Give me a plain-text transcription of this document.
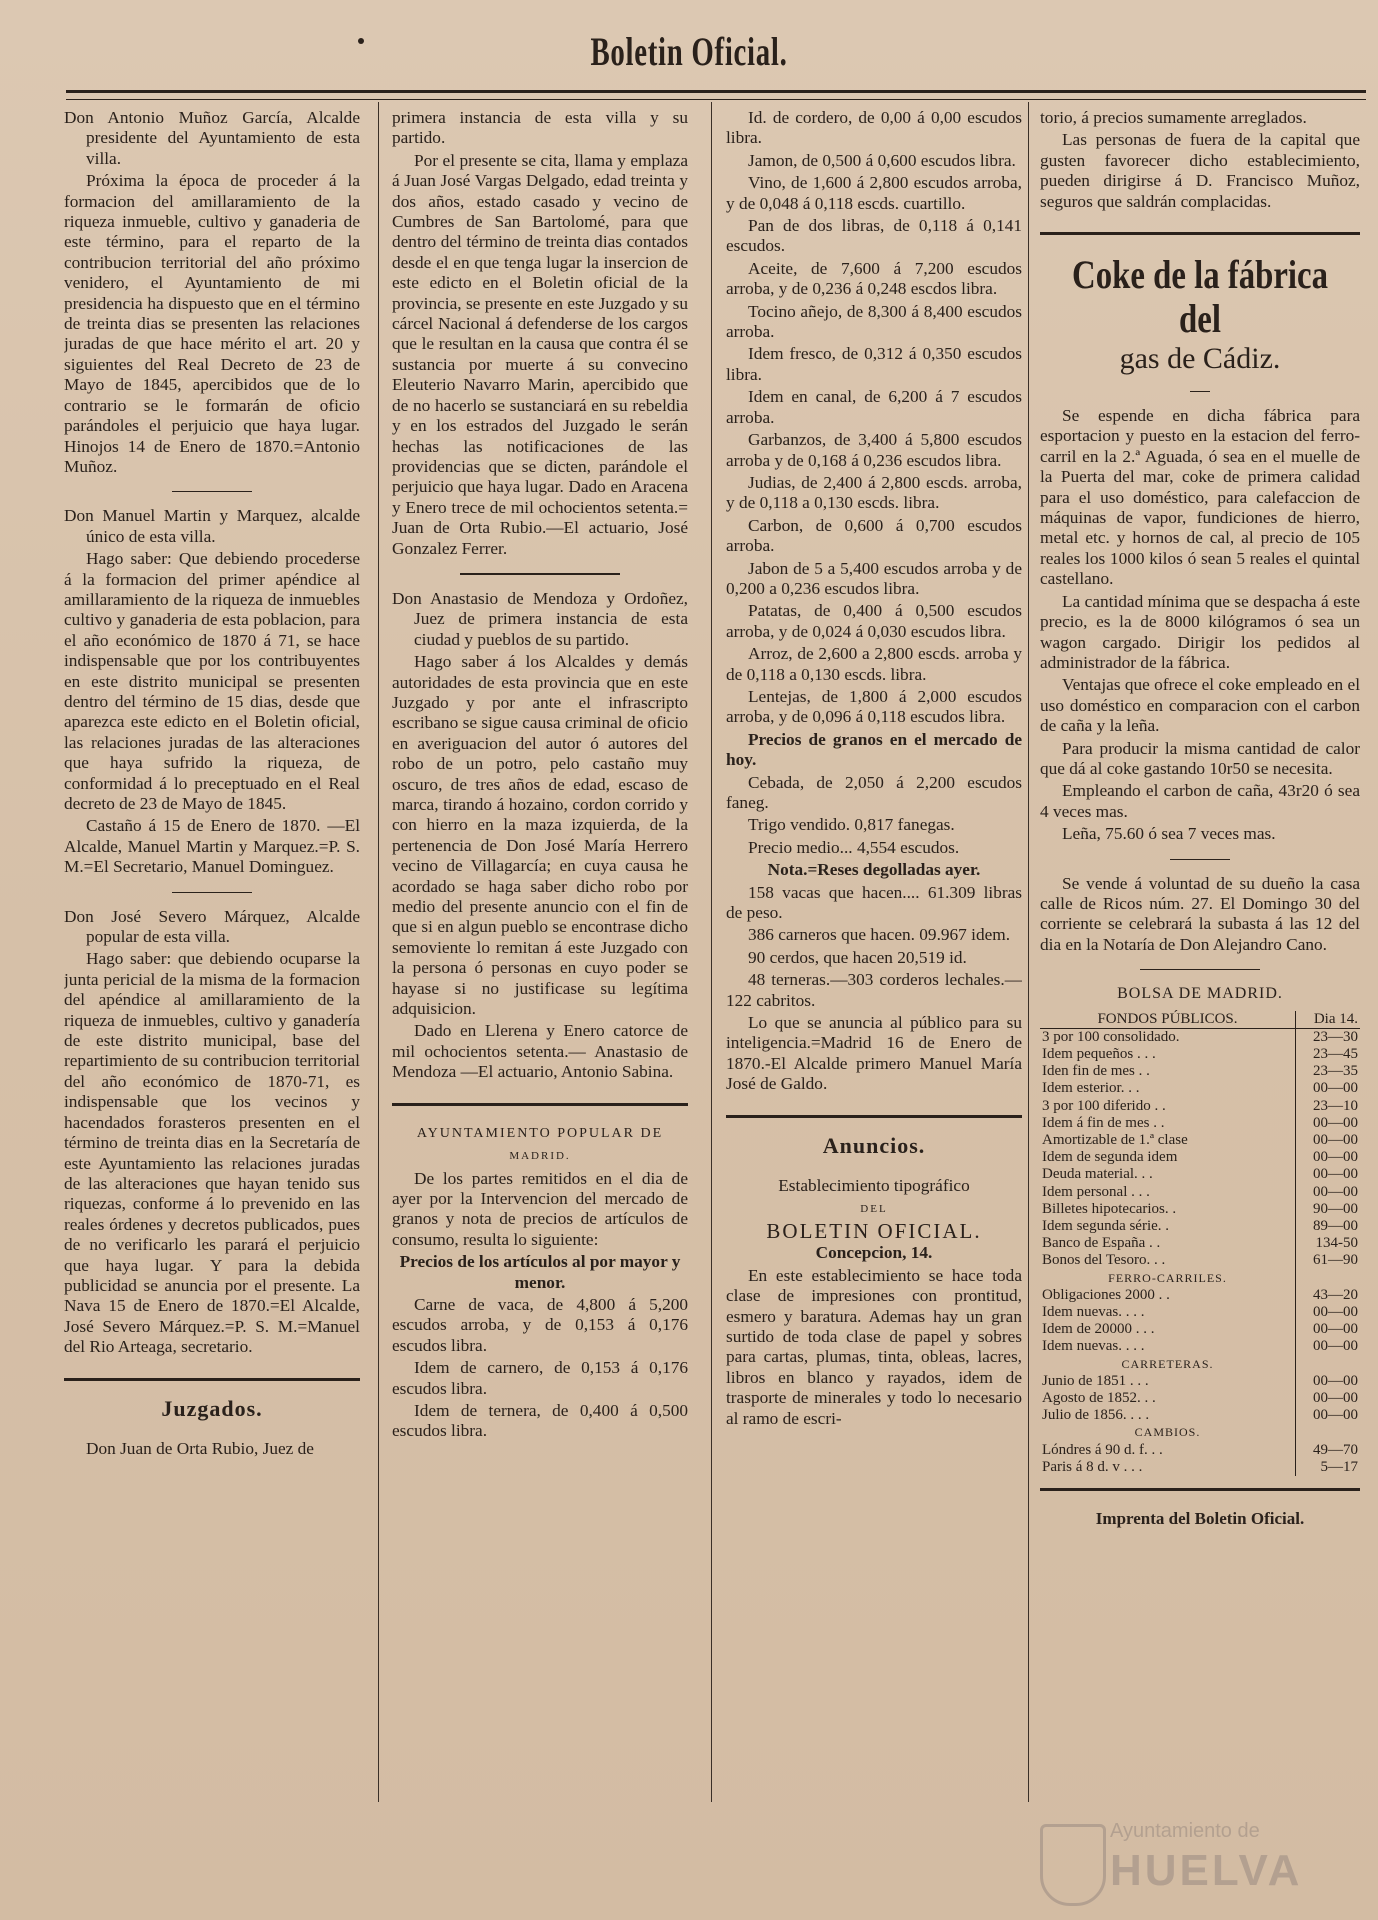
Boletin Oficial.

Don Antonio Muñoz García, Alcalde presidente del Ayuntamiento de esta villa.

Próxima la época de proceder á la formacion del amillaramiento de la riqueza inmueble, cultivo y ganaderia de este término, para el reparto de la contribucion territorial del año próximo venidero, el Ayuntamiento de mi presidencia ha dispuesto que en el término de treinta dias se presenten las relaciones juradas de que hace mérito el art. 20 y siguientes del Real Decreto de 23 de Mayo de 1845, apercibidos que de lo contrario se le formarán de oficio parándoles el perjuicio que haya lugar. Hinojos 14 de Enero de 1870.=Antonio Muñoz.

Don Manuel Martin y Marquez, alcalde único de esta villa.

Hago saber: Que debiendo procederse á la formacion del primer apéndice al amillaramiento de la riqueza de inmuebles cultivo y ganaderia de esta poblacion, para el año económico de 1870 á 71, se hace indispensable que por los contribuyentes en este distrito municipal se presenten dentro del término de 15 dias, desde que aparezca este edicto en el Boletin oficial, las relaciones juradas de las alteraciones que haya sufrido la riqueza, de conformidad á lo preceptuado en el Real decreto de 23 de Mayo de 1845.

Castaño á 15 de Enero de 1870. —El Alcalde, Manuel Martin y Marquez.=P. S. M.=El Secretario, Manuel Dominguez.

Don José Severo Márquez, Alcalde popular de esta villa.

Hago saber: que debiendo ocuparse la junta pericial de la misma de la formacion del apéndice al amillaramiento de la riqueza de inmuebles, cultivo y ganadería de este distrito municipal, base del repartimiento de su contribucion territorial del año económico de 1870-71, es indispensable que los vecinos y hacendados forasteros presenten en el término de treinta dias en la Secretaría de este Ayuntamiento las relaciones juradas de las alteraciones que hayan tenido sus riquezas, conforme á lo prevenido en las reales órdenes y decretos publicados, pues de no verificarlo les parará el perjuicio que haya lugar. Y para la debida publicidad se anuncia por el presente. La Nava 15 de Enero de 1870.=El Alcalde, José Severo Márquez.=P. S. M.=Manuel del Rio Arteaga, secretario.

Juzgados.

Don Juan de Orta Rubio, Juez de

primera instancia de esta villa y su partido.

Por el presente se cita, llama y emplaza á Juan José Vargas Delgado, edad treinta y dos años, estado casado y vecino de Cumbres de San Bartolomé, para que dentro del término de treinta dias contados desde el en que tenga lugar la insercion de este edicto en el Boletin oficial de la provincia, se presente en este Juzgado y su cárcel Nacional á defenderse de los cargos que le resultan en la causa que contra él se sustancia por muerte á su convecino Eleuterio Navarro Marin, apercibido que de no hacerlo se sustanciará en su rebeldia y en los estrados del Juzgado le serán hechas las notificaciones de las providencias que se dicten, parándole el perjuicio que haya lugar. Dado en Aracena y Enero trece de mil ochocientos setenta.= Juan de Orta Rubio.—El actuario, José Gonzalez Ferrer.

Don Anastasio de Mendoza y Ordoñez, Juez de primera instancia de esta ciudad y pueblos de su partido.

Hago saber á los Alcaldes y demás autoridades de esta provincia que en este Juzgado y por ante el infrascripto escribano se sigue causa criminal de oficio en averiguacion del autor ó autores del robo de un potro, pelo castaño muy oscuro, de tres años de edad, escaso de marca, tirando á hozaino, cordon corrido y con hierro en la maza izquierda, de la pertenencia de Don José María Herrero vecino de Villagarcía; en cuya causa he acordado se haga saber dicho robo por medio del presente anuncio con el fin de que si en algun pueblo se encontrase dicho semoviente lo remitan á este Juzgado con la persona ó personas en cuyo poder se hayase si no justificase su legítima adquisicion.

Dado en Llerena y Enero catorce de mil ochocientos setenta.— Anastasio de Mendoza —El actuario, Antonio Sabina.

AYUNTAMIENTO POPULAR DE

MADRID.

De los partes remitidos en el dia de ayer por la Intervencion del mercado de granos y nota de precios de artículos de consumo, resulta lo siguiente:

Precios de los artículos al por mayor y menor.

Carne de vaca, de 4,800 á 5,200 escudos arroba, y de 0,153 á 0,176 escudos libra.

Idem de carnero, de 0,153 á 0,176 escudos libra.

Idem de ternera, de 0,400 á 0,500 escudos libra.

Id. de cordero, de 0,00 á 0,00 escudos libra.

Jamon, de 0,500 á 0,600 escudos libra.

Vino, de 1,600 á 2,800 escudos arroba, y de 0,048 á 0,118 escds. cuartillo.

Pan de dos libras, de 0,118 á 0,141 escudos.

Aceite, de 7,600 á 7,200 escudos arroba, y de 0,236 á 0,248 escdos libra.

Tocino añejo, de 8,300 á 8,400 escudos arroba.

Idem fresco, de 0,312 á 0,350 escudos libra.

Idem en canal, de 6,200 á 7 escudos arroba.

Garbanzos, de 3,400 á 5,800 escudos arroba y de 0,168 á 0,236 escudos libra.

Judias, de 2,400 á 2,800 escds. arroba, y de 0,118 a 0,130 escds. libra.

Carbon, de 0,600 á 0,700 escudos arroba.

Jabon de 5 a 5,400 escudos arroba y de 0,200 a 0,236 escudos libra.

Patatas, de 0,400 á 0,500 escudos arroba, y de 0,024 á 0,030 escudos libra.

Arroz, de 2,600 a 2,800 escds. arroba y de 0,118 a 0,130 escds. libra.

Lentejas, de 1,800 á 2,000 escudos arroba, y de 0,096 á 0,118 escudos libra.

Precios de granos en el mercado de hoy.

Cebada, de 2,050 á 2,200 escudos faneg.

Trigo vendido. 0,817 fanegas.

Precio medio... 4,554 escudos.

Nota.=Reses degolladas ayer.

158 vacas que hacen.... 61.309 libras de peso.

386 carneros que hacen. 09.967 idem.

90 cerdos, que hacen 20,519 id.

48 terneras.—303 corderos lechales.—122 cabritos.

Lo que se anuncia al público para su inteligencia.=Madrid 16 de Enero de 1870.-El Alcalde primero Manuel María José de Galdo.

Anuncios.

Establecimiento tipográfico

DEL

BOLETIN OFICIAL.

Concepcion, 14.

En este establecimiento se hace toda clase de impresiones con prontitud, esmero y baratura. Ademas hay un gran surtido de toda clase de papel y sobres para cartas, plumas, tinta, obleas, lacres, libros en blanco y rayados, idem de trasporte de minerales y todo lo necesario al ramo de escri-

torio, á precios sumamente arreglados.

Las personas de fuera de la capital que gusten favorecer dicho establecimiento, pueden dirigirse á D. Francisco Muñoz, seguros que saldrán complacidas.

Coke de la fábrica del
gas de Cádiz.

Se espende en dicha fábrica para esportacion y puesto en la estacion del ferro-carril en la 2.ª Aguada, ó sea en el muelle de la Puerta del mar, coke de primera calidad para el uso doméstico, para calefaccion de máquinas de vapor, fundiciones de hierro, metal etc. y hornos de cal, al precio de 105 reales los 1000 kilos ó sean 5 reales el quintal castellano.

La cantidad mínima que se despacha á este precio, es la de 8000 kilógramos ó sea un wagon cargado. Dirigir los pedidos al administrador de la fábrica.

Ventajas que ofrece el coke empleado en el uso doméstico en comparacion con el carbon de caña y la leña.

Para producir la misma cantidad de calor que dá al coke gastando 10r50 se necesita.

Empleando el carbon de caña, 43r20 ó sea 4 veces mas.

Leña, 75.60 ó sea 7 veces mas.

Se vende á voluntad de su dueño la casa calle de Ricos núm. 27. El Domingo 30 del corriente se celebrará la subasta á las 12 del dia en la Notaría de Don Alejandro Cano.

BOLSA DE MADRID.
FONDOS PÚBLICOS.	Dia 14.
3 por 100 consolidado.	23—30
Idem pequeños . . .	23—45
Iden fin de mes . .	23—35
Idem esterior. . .	00—00
3 por 100 diferido . .	23—10
Idem á fin de mes . .	00—00
Amortizable de 1.ª clase	00—00
Idem de segunda idem	00—00
Deuda material. . .	00—00
Idem personal . . .	00—00
Billetes hipotecarios. .	90—00
Idem segunda série. .	89—00
Banco de España . .	134-50
Bonos del Tesoro. . .	61—90
FERRO-CARRILES.	
Obligaciones 2000 . .	43—20
Idem nuevas. . . .	00—00
Idem de 20000 . . .	00—00
Idem nuevas. . . .	00—00
CARRETERAS.	
Junio de 1851 . . .	00—00
Agosto de 1852. . .	00—00
Julio de 1856. . . .	00—00
CAMBIOS.	
Lóndres á 90 d. f. . .	49—70
Paris á 8 d. v . . .	5—17
Imprenta del Boletin Oficial.
Ayuntamiento de
HUELVA
